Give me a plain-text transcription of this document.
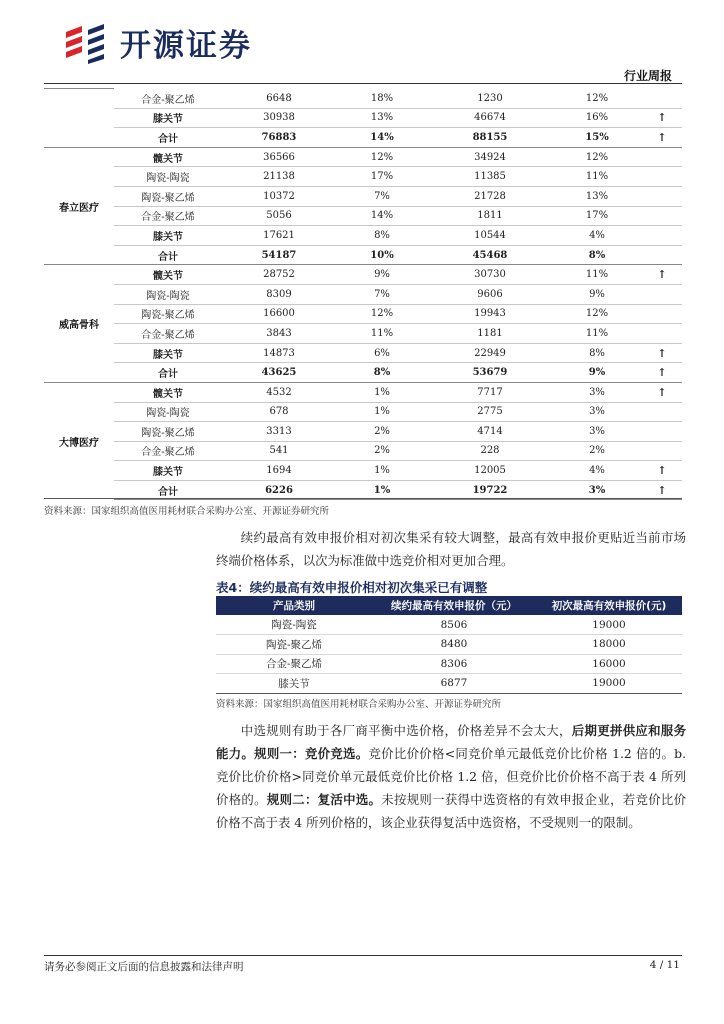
开源证券
行业周报
	合金-聚乙烯	6648	18%	1230	12%	
	膝关节	30938	13%	46674	16%	↑
	合计	76883	14%	88155	15%	↑
春立医疗	髋关节	36566	12%	34924	12%	
	陶瓷-陶瓷	21138	17%	11385	11%	
	陶瓷-聚乙烯	10372	7%	21728	13%	
	合金-聚乙烯	5056	14%	1811	17%	
	膝关节	17621	8%	10544	4%	
	合计	54187	10%	45468	8%	
威高骨科	髋关节	28752	9%	30730	11%	↑
	陶瓷-陶瓷	8309	7%	9606	9%	
	陶瓷-聚乙烯	16600	12%	19943	12%	
	合金-聚乙烯	3843	11%	1181	11%	
	膝关节	14873	6%	22949	8%	↑
	合计	43625	8%	53679	9%	↑
大博医疗	髋关节	4532	1%	7717	3%	↑
	陶瓷-陶瓷	678	1%	2775	3%	
	陶瓷-聚乙烯	3313	2%	4714	3%	
	合金-聚乙烯	541	2%	228	2%	
	膝关节	1694	1%	12005	4%	↑
	合计	6226	1%	19722	3%	↑
资料来源：国家组织高值医用耗材联合采购办公室、开源证券研究所
续约最高有效申报价相对初次集采有较大调整，最高有效申报价更贴近当前市场终端价格体系，以次为标准做中选竞价相对更加合理。
表4：续约最高有效申报价相对初次集采已有调整
产品类别	续约最高有效申报价（元）	初次最高有效申报价(元)
陶瓷-陶瓷	8506	19000
陶瓷-聚乙烯	8480	18000
合金-聚乙烯	8306	16000
膝关节	6877	19000
资料来源：国家组织高值医用耗材联合采购办公室、开源证券研究所
中选规则有助于各厂商平衡中选价格，价格差异不会太大，后期更拼供应和服务能力。规则一：竞价竞选。竞价比价价格<同竞价单元最低竞价比价格 1.2 倍的。b.竞价比价价格>同竞价单元最低竞价比价格 1.2 倍，但竞价比价价格不高于表 4 所列价格的。规则二：复活中选。未按规则一获得中选资格的有效申报企业，若竞价比价价格不高于表 4 所列价格的，该企业获得复活中选资格，不受规则一的限制。
请务必参阅正文后面的信息披露和法律声明	4 / 11
